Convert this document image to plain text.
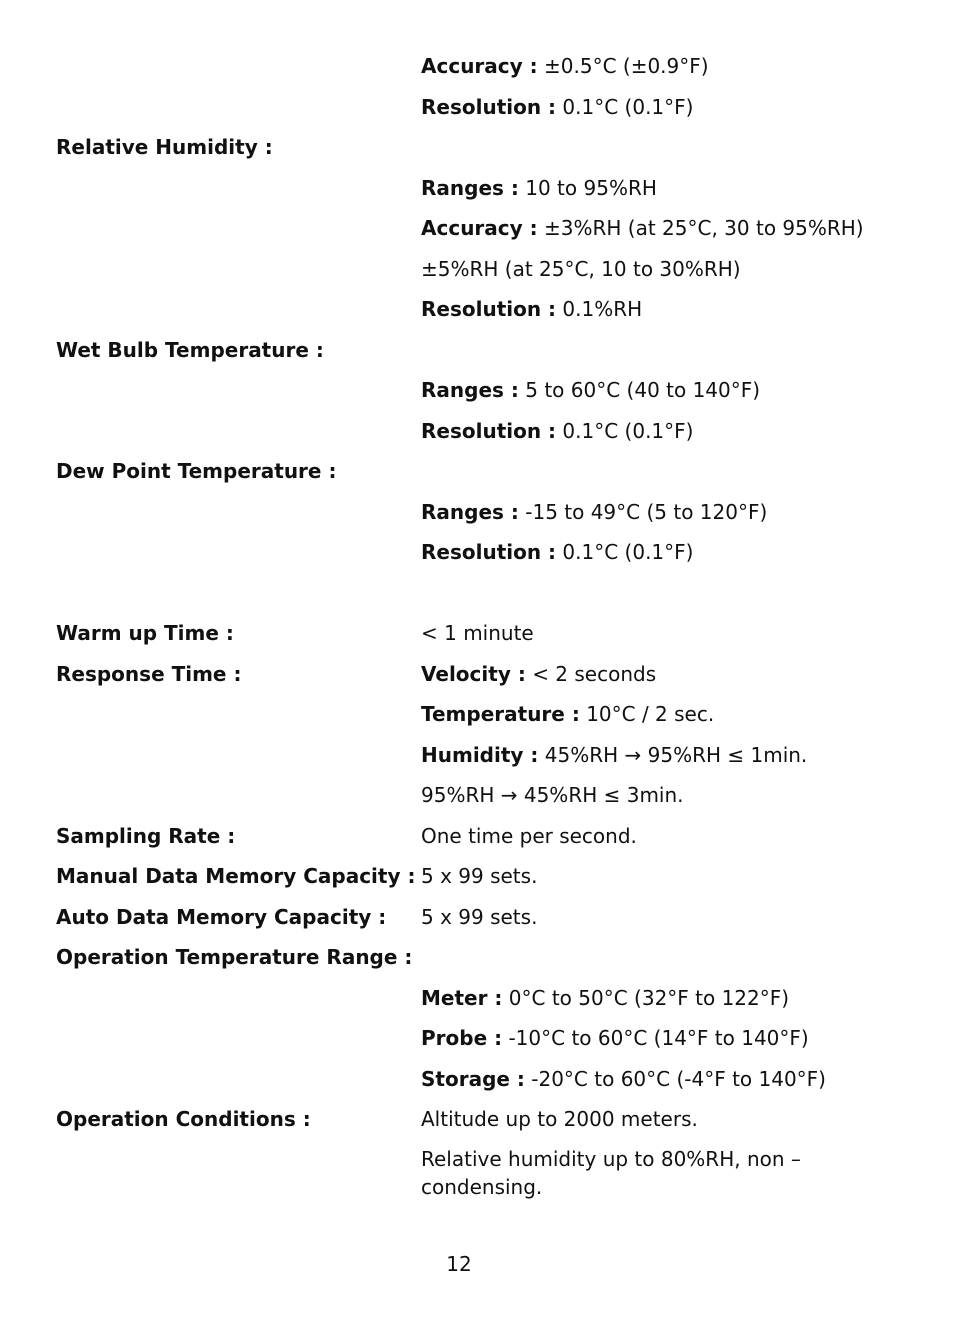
Accuracy : ±0.5°C (±0.9°F)
Resolution : 0.1°C (0.1°F)
Relative Humidity :
Ranges : 10 to 95%RH
Accuracy : ±3%RH (at 25°C, 30 to 95%RH)
±5%RH (at 25°C, 10 to 30%RH)
Resolution : 0.1%RH
Wet Bulb Temperature :
Ranges : 5 to 60°C (40 to 140°F)
Resolution : 0.1°C (0.1°F)
Dew Point Temperature :
Ranges : -15 to 49°C (5 to 120°F)
Resolution : 0.1°C (0.1°F)
Warm up Time :	< 1 minute
Response Time :	Velocity : < 2 seconds
Temperature : 10°C / 2 sec.
Humidity : 45%RH → 95%RH ≤ 1min.
95%RH → 45%RH ≤ 3min.
Sampling Rate :	One time per second.
Manual Data Memory Capacity : 5 x 99 sets.
Auto Data Memory Capacity : 5 x 99 sets.
Operation Temperature Range :
Meter : 0°C to 50°C (32°F to 122°F)
Probe : -10°C to 60°C (14°F to 140°F)
Storage : -20°C to 60°C (-4°F to 140°F)
Operation Conditions :	Altitude up to 2000 meters.
Relative humidity up to 80%RH, non – condensing.
12
